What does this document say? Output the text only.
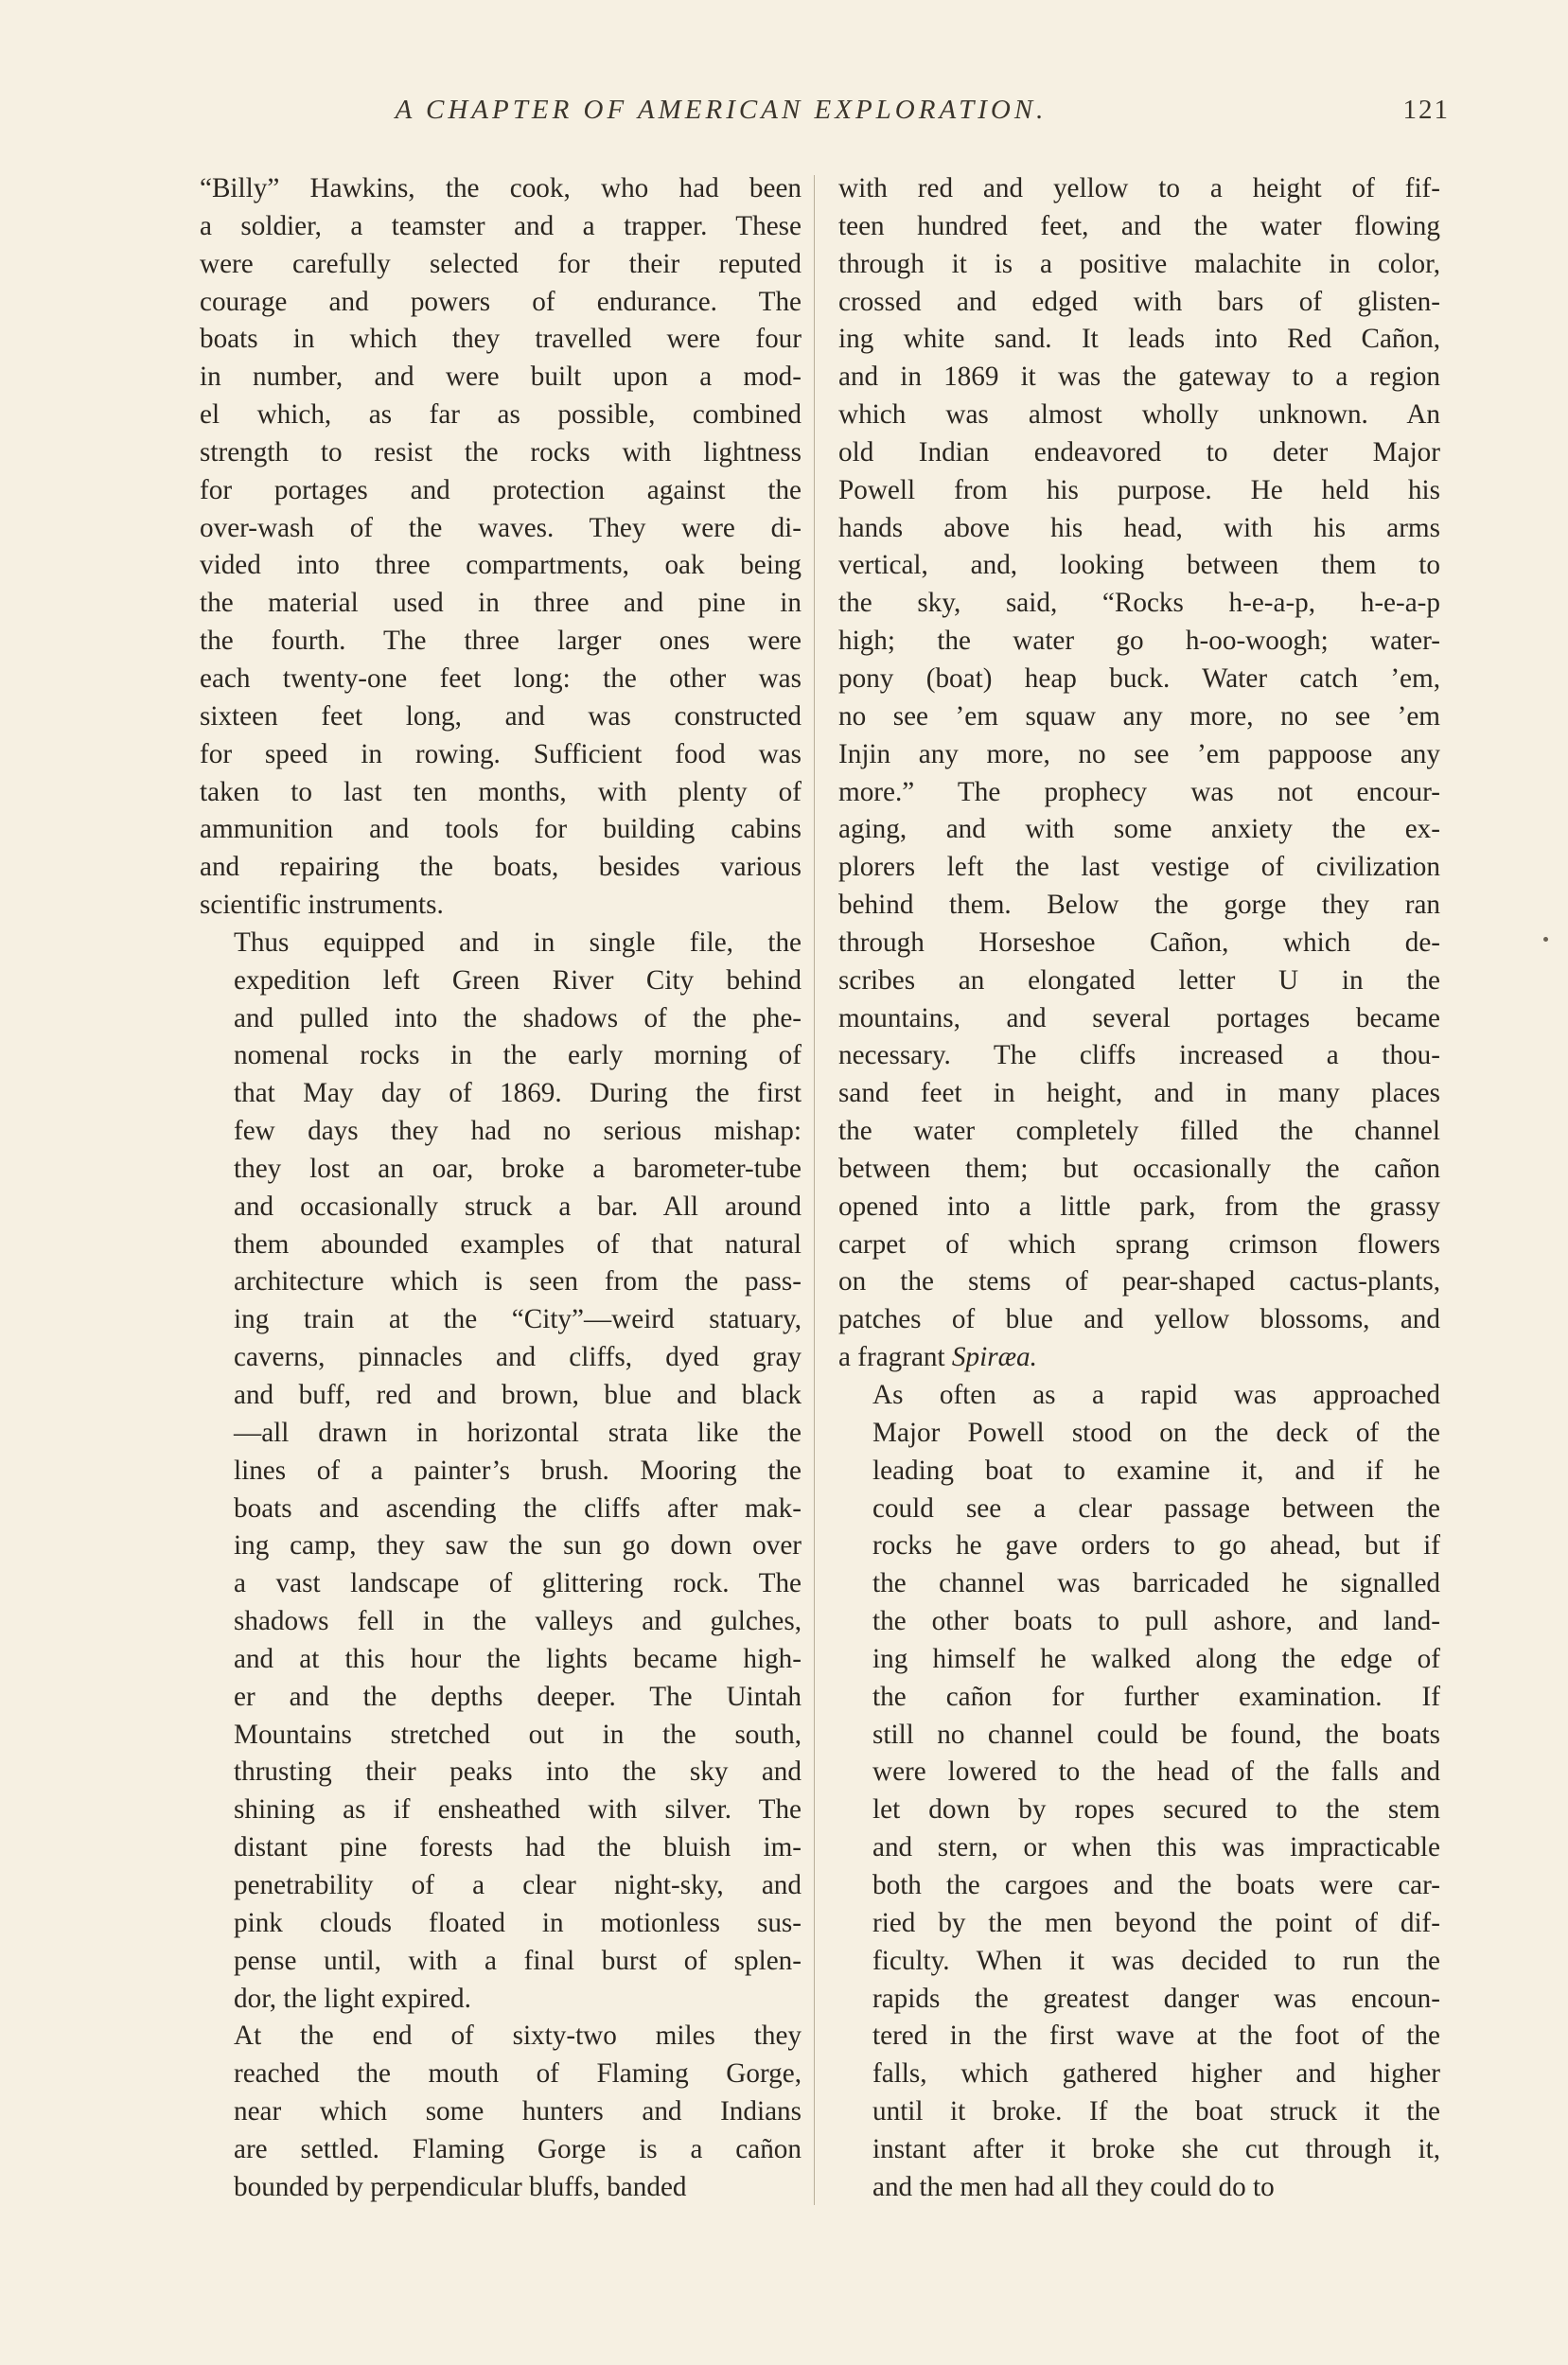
A CHAPTER OF AMERICAN EXPLORATION.	121
“Billy” Hawkins, the cook, who had been
a soldier, a teamster and a trapper. These
were carefully selected for their reputed
courage and powers of endurance. The
boats in which they travelled were four
in number, and were built upon a mod-
el which, as far as possible, combined
strength to resist the rocks with lightness
for portages and protection against the
over-wash of the waves. They were di-
vided into three compartments, oak being
the material used in three and pine in
the fourth. The three larger ones were
each twenty-one feet long: the other was
sixteen feet long, and was constructed
for speed in rowing. Sufficient food was
taken to last ten months, with plenty of
ammunition and tools for building cabins
and repairing the boats, besides various
scientific instruments.
Thus equipped and in single file, the
expedition left Green River City behind
and pulled into the shadows of the phe-
nomenal rocks in the early morning of
that May day of 1869. During the first
few days they had no serious mishap:
they lost an oar, broke a barometer-tube
and occasionally struck a bar. All around
them abounded examples of that natural
architecture which is seen from the pass-
ing train at the “City”—weird statuary,
caverns, pinnacles and cliffs, dyed gray
and buff, red and brown, blue and black
—all drawn in horizontal strata like the
lines of a painter’s brush. Mooring the
boats and ascending the cliffs after mak-
ing camp, they saw the sun go down over
a vast landscape of glittering rock. The
shadows fell in the valleys and gulches,
and at this hour the lights became high-
er and the depths deeper. The Uintah
Mountains stretched out in the south,
thrusting their peaks into the sky and
shining as if ensheathed with silver. The
distant pine forests had the bluish im-
penetrability of a clear night-sky, and
pink clouds floated in motionless sus-
pense until, with a final burst of splen-
dor, the light expired.
At the end of sixty-two miles they
reached the mouth of Flaming Gorge,
near which some hunters and Indians
are settled. Flaming Gorge is a cañon
bounded by perpendicular bluffs, banded
with red and yellow to a height of fif-
teen hundred feet, and the water flowing
through it is a positive malachite in color,
crossed and edged with bars of glisten-
ing white sand. It leads into Red Cañon,
and in 1869 it was the gateway to a region
which was almost wholly unknown. An
old Indian endeavored to deter Major
Powell from his purpose. He held his
hands above his head, with his arms
vertical, and, looking between them to
the sky, said, “Rocks h-e-a-p, h-e-a-p
high; the water go h-oo-woogh; water-
pony (boat) heap buck. Water catch ’em,
no see ’em squaw any more, no see ’em
Injin any more, no see ’em pappoose any
more.” The prophecy was not encour-
aging, and with some anxiety the ex-
plorers left the last vestige of civilization
behind them. Below the gorge they ran
through Horseshoe Cañon, which de-
scribes an elongated letter U in the
mountains, and several portages became
necessary. The cliffs increased a thou-
sand feet in height, and in many places
the water completely filled the channel
between them; but occasionally the cañon
opened into a little park, from the grassy
carpet of which sprang crimson flowers
on the stems of pear-shaped cactus-plants,
patches of blue and yellow blossoms, and
a fragrant Spiræa.
As often as a rapid was approached
Major Powell stood on the deck of the
leading boat to examine it, and if he
could see a clear passage between the
rocks he gave orders to go ahead, but if
the channel was barricaded he signalled
the other boats to pull ashore, and land-
ing himself he walked along the edge of
the cañon for further examination. If
still no channel could be found, the boats
were lowered to the head of the falls and
let down by ropes secured to the stem
and stern, or when this was impracticable
both the cargoes and the boats were car-
ried by the men beyond the point of dif-
ficulty. When it was decided to run the
rapids the greatest danger was encoun-
tered in the first wave at the foot of the
falls, which gathered higher and higher
until it broke. If the boat struck it the
instant after it broke she cut through it,
and the men had all they could do to
